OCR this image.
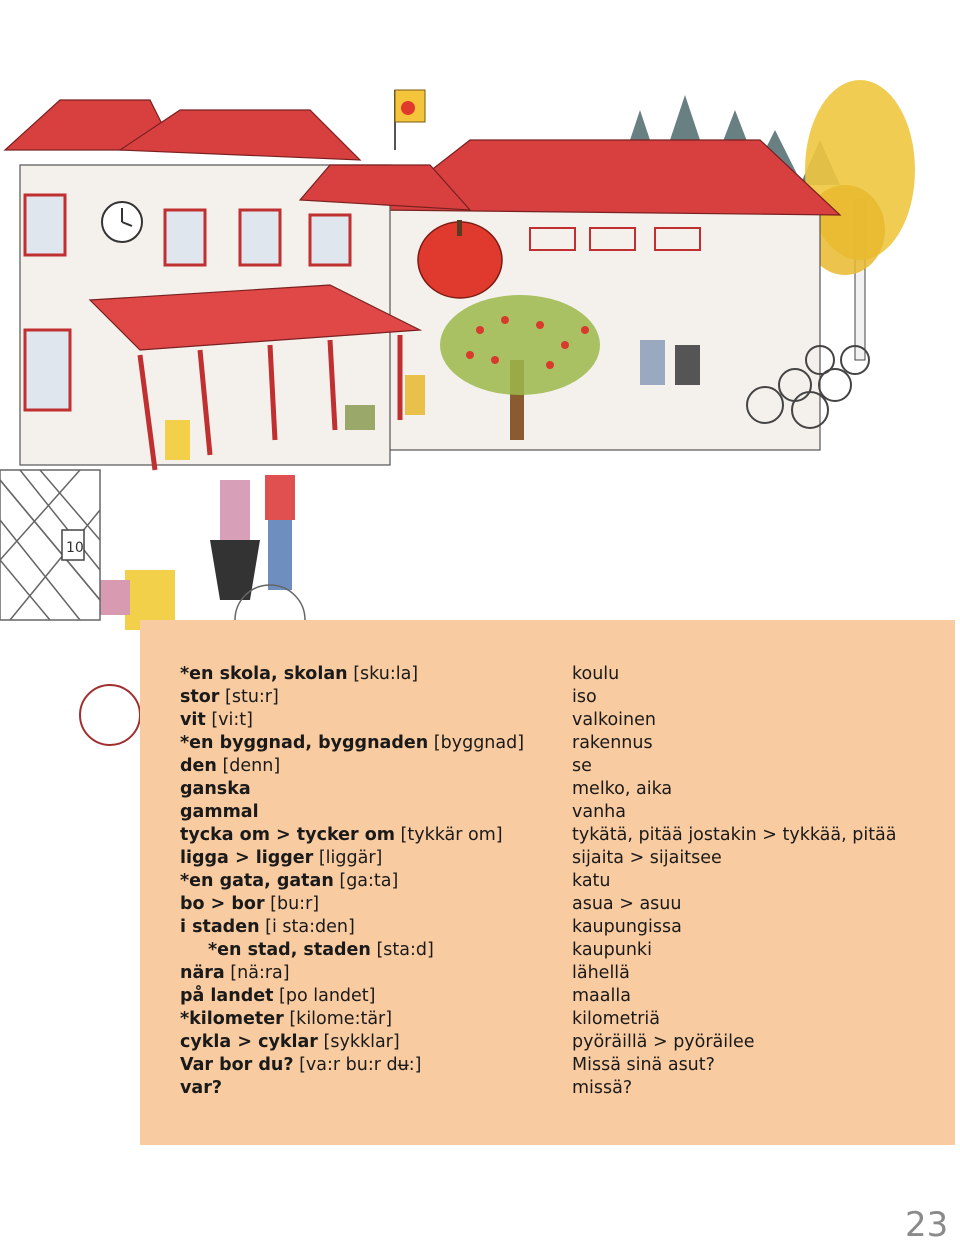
10
*en skola, skolan [sku:la]
stor [stu:r]
vit [vi:t]
*en byggnad, byggnaden [byggnad]
den [denn]
ganska
gammal
tycka om > tycker om [tykkär om]
ligga > ligger [liggär]
*en gata, gatan [ga:ta]
bo > bor [bu:r]
i staden [i sta:den]
*en stad, staden [sta:d]
nära [nä:ra]
på landet [po landet]
*kilometer [kilome:tär]
cykla > cyklar [sykklar]
Var bor du? [va:r bu:r dʉ:]
var?
koulu
iso
valkoinen
rakennus
se
melko, aika
vanha
tykätä, pitää jostakin > tykkää, pitää
sijaita > sijaitsee
katu
asua > asuu
kaupungissa
kaupunki
lähellä
maalla
kilometriä
pyöräillä > pyöräilee
Missä sinä asut?
missä?
23
